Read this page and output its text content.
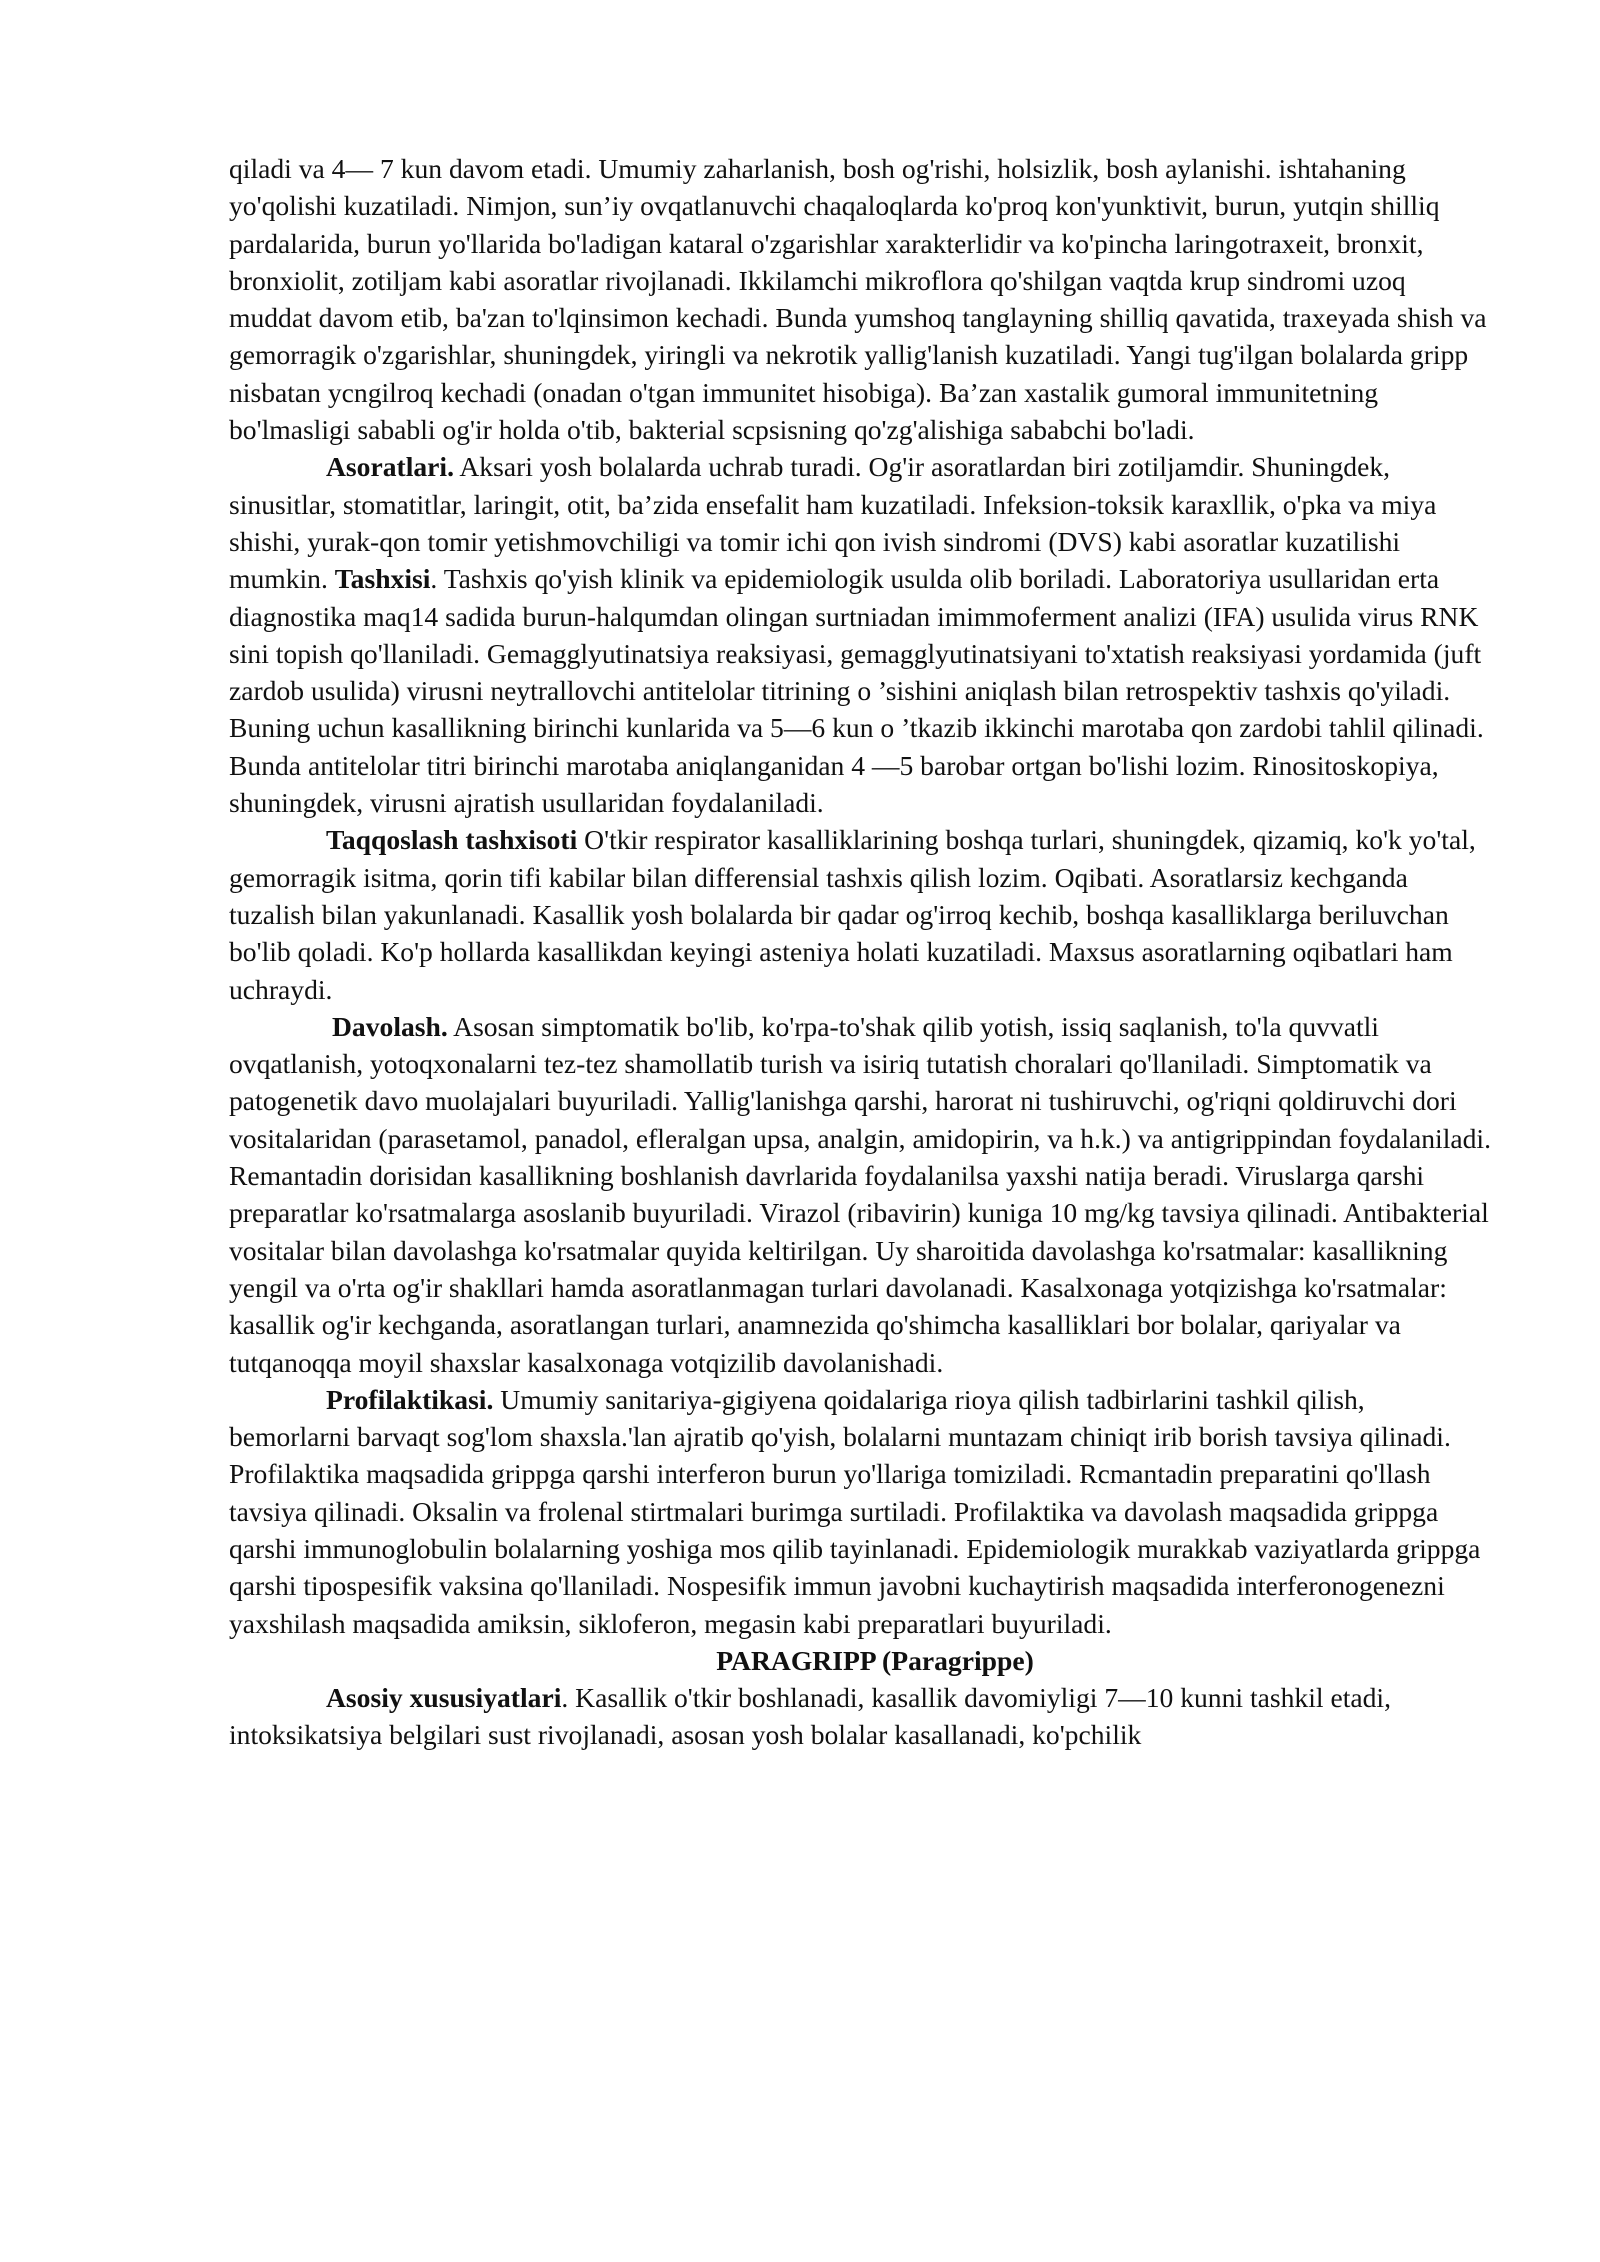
qiladi va 4— 7 kun davom etadi. Umumiy zaharlanish, bosh og'rishi, holsizlik, bosh aylanishi. ishtahaning yo'qolishi kuzatiladi. Nimjon, sun’iy ovqatlanuvchi chaqaloqlarda ko'proq kon'yunktivit, burun, yutqin shilliq pardalarida, burun yo'llarida bo'ladigan kataral o'zgarishlar xarakterlidir va ko'pincha laringotraxeit, bronxit, bronxiolit, zotiljam kabi asoratlar rivojlanadi. Ikkilamchi mikroflora qo'shilgan vaqtda krup sindromi uzoq muddat davom etib, ba'zan to'lqinsimon kechadi. Bunda yumshoq tanglayning shilliq qavatida, traxeyada shish va gemorragik o'zgarishlar, shuningdek, yiringli va nekrotik yallig'lanish kuzatiladi. Yangi tug'ilgan bolalarda gripp nisbatan ycngilroq kechadi (onadan o'tgan immunitet hisobiga). Ba’zan xastalik gumoral immunitetning bo'lmasligi sababli og'ir holda o'tib, bakterial scpsisning qo'zg'alishiga sababchi bo'ladi.

Asoratlari. Aksari yosh bolalarda uchrab turadi. Og'ir asoratlardan biri zotiljamdir. Shuningdek, sinusitlar, stomatitlar, laringit, otit, ba’zida ensefalit ham kuzatiladi. Infeksion-toksik karaxllik, o'pka va miya shishi, yurak-qon tomir yetishmovchiligi va tomir ichi qon ivish sindromi (DVS) kabi asoratlar kuzatilishi mumkin. Tashxisi. Tashxis qo'yish klinik va epidemiologik usulda olib boriladi. Laboratoriya usullaridan erta diagnostika maq14 sadida burun-halqumdan olingan surtniadan imimmoferment analizi (IFA) usulida virus RNK sini topish qo'llaniladi. Gemagglyutinatsiya reaksiyasi, gemagglyutinatsiyani to'xtatish reaksiyasi yordamida (juft zardob usulida) virusni neytrallovchi antitelolar titrining o ’sishini aniqlash bilan retrospektiv tashxis qo'yiladi. Buning uchun kasallikning birinchi kunlarida va 5—6 kun o ’tkazib ikkinchi marotaba qon zardobi tahlil qilinadi. Bunda antitelolar titri birinchi marotaba aniqlanganidan 4 —5 barobar ortgan bo'lishi lozim. Rinositoskopiya, shuningdek, virusni ajratish usullaridan foydalaniladi.

Taqqoslash tashxisoti O'tkir respirator kasalliklarining boshqa turlari, shuningdek, qizamiq, ko'k yo'tal, gemorragik isitma, qorin tifi kabilar bilan differensial tashxis qilish lozim. Oqibati. Asoratlarsiz kechganda tuzalish bilan yakunlanadi. Kasallik yosh bolalarda bir qadar og'irroq kechib, boshqa kasalliklarga beriluvchan bo'lib qoladi. Ko'p hollarda kasallikdan keyingi asteniya holati kuzatiladi. Maxsus asoratlarning oqibatlari ham uchraydi.

Davolash. Asosan simptomatik bo'lib, ko'rpa-to'shak qilib yotish, issiq saqlanish, to'la quvvatli ovqatlanish, yotoqxonalarni tez-tez shamollatib turish va isiriq tutatish choralari qo'llaniladi. Simptomatik va patogenetik davo muolajalari buyuriladi. Yallig'lanishga qarshi, harorat ni tushiruvchi, og'riqni qoldiruvchi dori vositalaridan (parasetamol, panadol, efleralgan upsa, analgin, amidopirin, va h.k.) va antigrippindan foydalaniladi. Remantadin dorisidan kasallikning boshlanish davrlarida foydalanilsa yaxshi natija beradi. Viruslarga qarshi preparatlar ko'rsatmalarga asoslanib buyuriladi. Virazol (ribavirin) kuniga 10 mg/kg tavsiya qilinadi. Antibakterial vositalar bilan davolashga ko'rsatmalar quyida keltirilgan. Uy sharoitida davolashga ko'rsatmalar: kasallikning yengil va o'rta og'ir shakllari hamda asoratlanmagan turlari davolanadi. Kasalxonaga yotqizishga ko'rsatmalar: kasallik og'ir kechganda, asoratlangan turlari, anamnezida qo'shimcha kasalliklari bor bolalar, qariyalar va tutqanoqqa moyil shaxslar kasalxonaga votqizilib davolanishadi.

Profilaktikasi. Umumiy sanitariya-gigiyena qoidalariga rioya qilish tadbirlarini tashkil qilish, bemorlarni barvaqt sog'lom shaxsla.'lan ajratib qo'yish, bolalarni muntazam chiniqt irib borish tavsiya qilinadi. Profilaktika maqsadida grippga qarshi interferon burun yo'llariga tomiziladi. Rcmantadin preparatini qo'llash tavsiya qilinadi. Oksalin va frolenal stirtmalari burimga surtiladi. Profilaktika va davolash maqsadida grippga qarshi immunoglobulin bolalarning yoshiga mos qilib tayinlanadi. Epidemiologik murakkab vaziyatlarda grippga qarshi tipospesifik vaksina qo'llaniladi. Nospesifik immun javobni kuchaytirish maqsadida interferonogenezni yaxshilash maqsadida amiksin, sikloferon, megasin kabi preparatlari buyuriladi.

PARAGRIPP (Paragrippe)

Asosiy xususiyatlari. Kasallik o'tkir boshlanadi, kasallik davomiyligi 7—10 kunni tashkil etadi, intoksikatsiya belgilari sust rivojlanadi, asosan yosh bolalar kasallanadi, ko'pchilik
